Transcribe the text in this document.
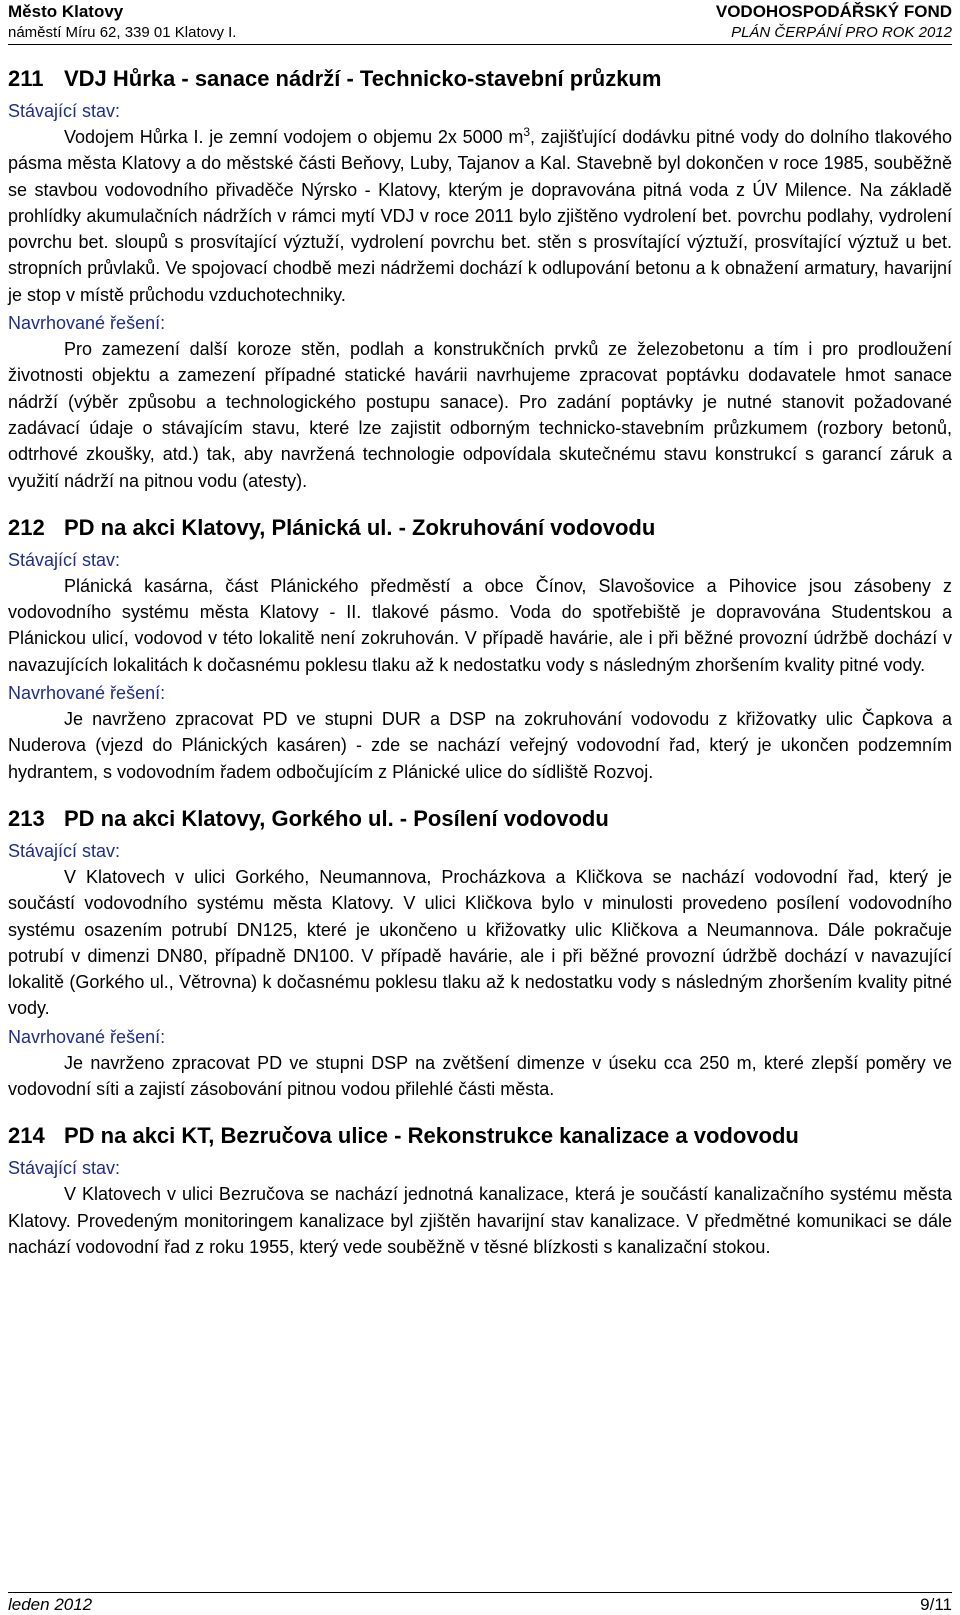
Město Klatovy
náměstí Míru 62, 339 01 Klatovy I.
VODOHOSPODÁŘSKÝ FOND
PLÁN ČERPÁNÍ PRO ROK 2012
211 VDJ Hůrka - sanace nádrží - Technicko-stavební průzkum
Stávající stav:

Vodojem Hůrka I. je zemní vodojem o objemu 2x 5000 $m^3$, zajišťující dodávku pitné vody do dolního tlakového pásma města Klatovy a do městské části Beňovy, Luby, Tajanov a Kal. Stavebně byl dokončen v roce 1985, souběžně se stavbou vodovodního přivaděče Nýrsko - Klatovy, kterým je dopravována pitná voda z ÚV Milence. Na základě prohlídky akumulačních nádržích v rámci mytí VDJ v roce 2011 bylo zjištěno vydrolení bet. povrchu podlahy, vydrolení povrchu bet. sloupů s prosvítající výztuží, vydrolení povrchu bet. stěn s prosvítající výztuží, prosvítající výztuž u bet. stropních průvlaků. Ve spojovací chodbě mezi nádržemi dochází k odlupování betonu a k obnažení armatury, havarijní je stop v místě průchodu vzduchotechniky.

Navrhované řešení:

Pro zamezení další koroze stěn, podlah a konstrukčních prvků ze železobetonu a tím i pro prodloužení životnosti objektu a zamezení případné statické havárii navrhujeme zpracovat poptávku dodavatele hmot sanace nádrží (výběr způsobu a technologického postupu sanace). Pro zadání poptávky je nutné stanovit požadované zadávací údaje o stávajícím stavu, které lze zajistit odborným technicko-stavebním průzkumem (rozbory betonů, odtrhové zkoušky, atd.) tak, aby navržená technologie odpovídala skutečnému stavu konstrukcí s garancí záruk a využití nádrží na pitnou vodu (atesty).

212 PD na akci Klatovy, Plánická ul. - Zokruhování vodovodu
Stávající stav:

Plánická kasárna, část Plánického předměstí a obce Čínov, Slavošovice a Pihovice jsou zásobeny z vodovodního systému města Klatovy - II. tlakové pásmo. Voda do spotřebiště je dopravována Studentskou a Plánickou ulicí, vodovod v této lokalitě není zokruhován. V případě havárie, ale i při běžné provozní údržbě dochází v navazujících lokalitách k dočasnému poklesu tlaku až k nedostatku vody s následným zhoršením kvality pitné vody.

Navrhované řešení:

Je navrženo zpracovat PD ve stupni DUR a DSP na zokruhování vodovodu z křižovatky ulic Čapkova a Nuderova (vjezd do Plánických kasáren) - zde se nachází veřejný vodovodní řad, který je ukončen podzemním hydrantem, s vodovodním řadem odbočujícím z Plánické ulice do sídliště Rozvoj.

213 PD na akci Klatovy, Gorkého ul. - Posílení vodovodu
Stávající stav:

V Klatovech v ulici Gorkého, Neumannova, Procházkova a Kličkova se nachází vodovodní řad, který je součástí vodovodního systému města Klatovy. V ulici Kličkova bylo v minulosti provedeno posílení vodovodního systému osazením potrubí DN125, které je ukončeno u křižovatky ulic Kličkova a Neumannova. Dále pokračuje potrubí v dimenzi DN80, případně DN100. V případě havárie, ale i při běžné provozní údržbě dochází v navazující lokalitě (Gorkého ul., Větrovna) k dočasnému poklesu tlaku až k nedostatku vody s následným zhoršením kvality pitné vody.

Navrhované řešení:

Je navrženo zpracovat PD ve stupni DSP na zvětšení dimenze v úseku cca 250 m, které zlepší poměry ve vodovodní síti a zajistí zásobování pitnou vodou přilehlé části města.

214 PD na akci KT, Bezručova ulice - Rekonstrukce kanalizace a vodovodu
Stávající stav:

V Klatovech v ulici Bezručova se nachází jednotná kanalizace, která je součástí kanalizačního systému města Klatovy. Provedeným monitoringem kanalizace byl zjištěn havarijní stav kanalizace. V předmětné komunikaci se dále nachází vodovodní řad z roku 1955, který vede souběžně v těsné blízkosti s kanalizační stokou.

leden 2012	9/11
